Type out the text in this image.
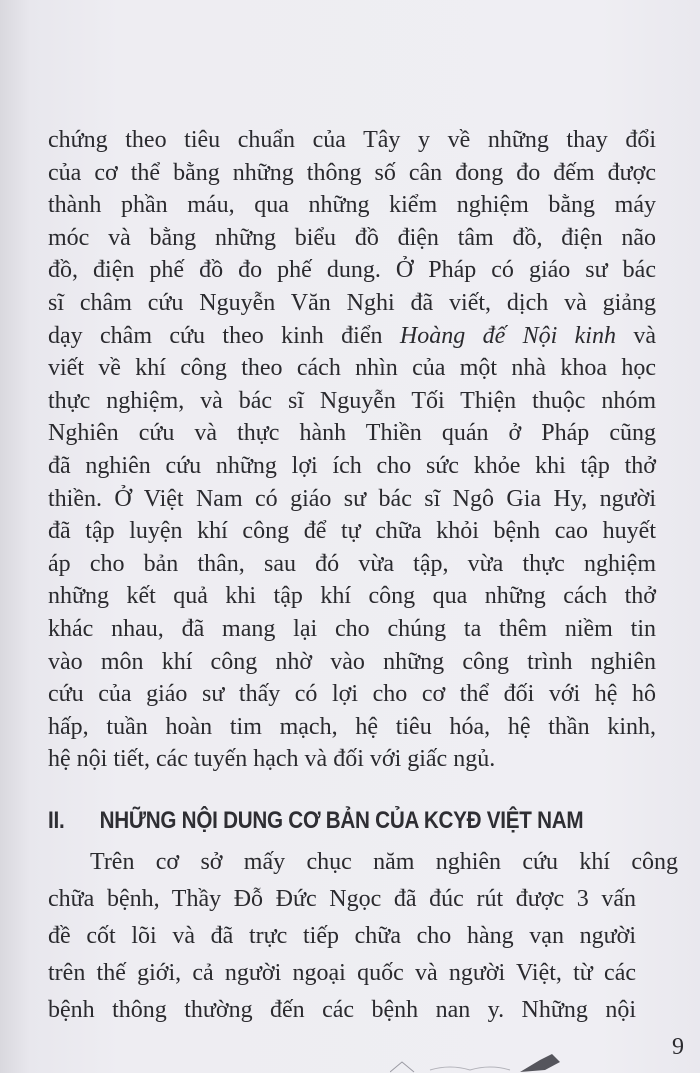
chứng theo tiêu chuẩn của Tây y về những thay đổi
của cơ thể bằng những thông số cân đong đo đếm được
thành phần máu, qua những kiểm nghiệm bằng máy
móc và bằng những biểu đồ điện tâm đồ, điện não
đồ, điện phế đồ đo phế dung. Ở Pháp có giáo sư bác
sĩ châm cứu Nguyễn Văn Nghi đã viết, dịch và giảng
dạy châm cứu theo kinh điển Hoàng đế Nội kinh và
viết về khí công theo cách nhìn của một nhà khoa học
thực nghiệm, và bác sĩ Nguyễn Tối Thiện thuộc nhóm
Nghiên cứu và thực hành Thiền quán ở Pháp cũng
đã nghiên cứu những lợi ích cho sức khỏe khi tập thở
thiền. Ở Việt Nam có giáo sư bác sĩ Ngô Gia Hy, người
đã tập luyện khí công để tự chữa khỏi bệnh cao huyết
áp cho bản thân, sau đó vừa tập, vừa thực nghiệm
những kết quả khi tập khí công qua những cách thở
khác nhau, đã mang lại cho chúng ta thêm niềm tin
vào môn khí công nhờ vào những công trình nghiên
cứu của giáo sư thấy có lợi cho cơ thể đối với hệ hô
hấp, tuần hoàn tim mạch, hệ tiêu hóa, hệ thần kinh,
hệ nội tiết, các tuyến hạch và đối với giấc ngủ.
II. NHỮNG NỘI DUNG CƠ BẢN CỦA KCYĐ VIỆT NAM
Trên cơ sở mấy chục năm nghiên cứu khí công
chữa bệnh, Thầy Đỗ Đức Ngọc đã đúc rút được 3 vấn
đề cốt lõi và đã trực tiếp chữa cho hàng vạn người
trên thế giới, cả người ngoại quốc và người Việt, từ các
bệnh thông thường đến các bệnh nan y. Những nội
9
